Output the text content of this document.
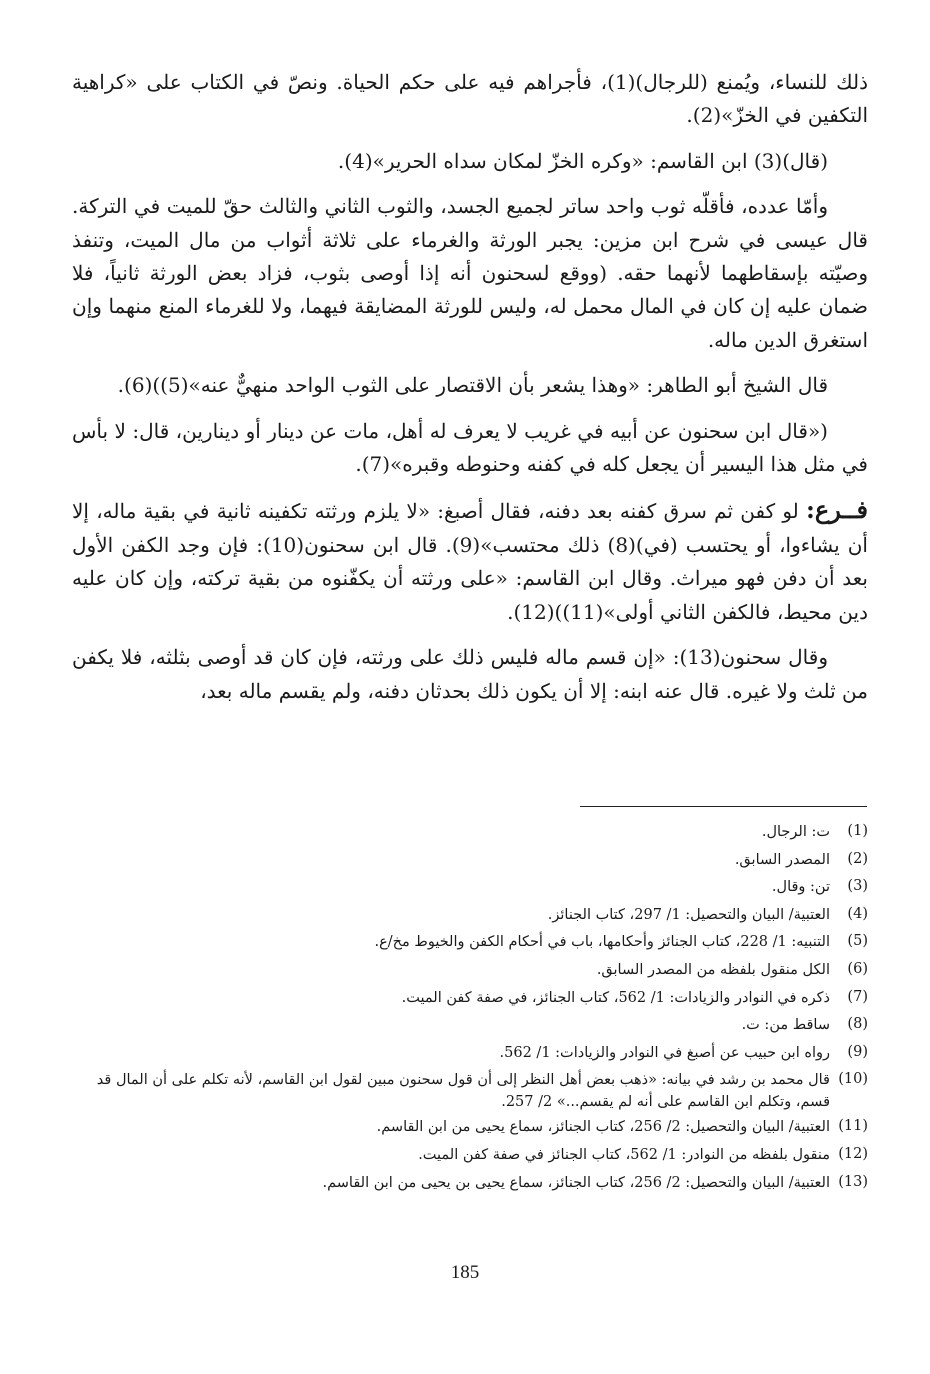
ذلك للنساء، ويُمنع (للرجال)(1)، فأجراهم فيه على حكم الحياة. ونصّ في الكتاب على «كراهية التكفين في الخزّ»(2).

(قال)(3) ابن القاسم: «وكره الخزّ لمكان سداه الحرير»(4).

وأمّا عدده، فأقلّه ثوب واحد ساتر لجميع الجسد، والثوب الثاني والثالث حقّ للميت في التركة. قال عيسى في شرح ابن مزين: يجبر الورثة والغرماء على ثلاثة أثواب من مال الميت، وتنفذ وصيّته بإسقاطهما لأنهما حقه. (ووقع لسحنون أنه إذا أوصى بثوب، فزاد بعض الورثة ثانياً، فلا ضمان عليه إن كان في المال محمل له، وليس للورثة المضايقة فيهما، ولا للغرماء المنع منهما وإن استغرق الدين ماله.

قال الشيخ أبو الطاهر: «وهذا يشعر بأن الاقتصار على الثوب الواحد منهيٌّ عنه»(5))(6).

(«قال ابن سحنون عن أبيه في غريب لا يعرف له أهل، مات عن دينار أو دينارين، قال: لا بأس في مثل هذا اليسير أن يجعل كله في كفنه وحنوطه وقبره»(7).

فــرع: لو كفن ثم سرق كفنه بعد دفنه، فقال أصبغ: «لا يلزم ورثته تكفينه ثانية في بقية ماله، إلا أن يشاءوا، أو يحتسب (في)(8) ذلك محتسب»(9). قال ابن سحنون(10): فإن وجد الكفن الأول بعد أن دفن فهو ميراث. وقال ابن القاسم: «على ورثته أن يكفّنوه من بقية تركته، وإن كان عليه دين محيط، فالكفن الثاني أولى»(11))(12).

وقال سحنون(13): «إن قسم ماله فليس ذلك على ورثته، فإن كان قد أوصى بثلثه، فلا يكفن من ثلث ولا غيره. قال عنه ابنه: إلا أن يكون ذلك بحدثان دفنه، ولم يقسم ماله بعد،

(1)
ت: الرجال.
(2)
المصدر السابق.
(3)
تن: وقال.
(4)
العتبية/ البيان والتحصيل: 1/ 297، كتاب الجنائز.
(5)
التنبيه: 1/ 228، كتاب الجنائز وأحكامها، باب في أحكام الكفن والخيوط مخ/ع.
(6)
الكل منقول بلفظه من المصدر السابق.
(7)
ذكره في النوادر والزيادات: 1/ 562، كتاب الجنائز، في صفة كفن الميت.
(8)
ساقط من: ت.
(9)
رواه ابن حبيب عن أصبغ في النوادر والزيادات: 1/ 562.
(10)
قال محمد بن رشد في بيانه: «ذهب بعض أهل النظر إلى أن قول سحنون مبين لقول ابن القاسم، لأنه تكلم على أن المال قد قسم، وتكلم ابن القاسم على أنه لم يقسم...» 2/ 257.
(11)
العتبية/ البيان والتحصيل: 2/ 256، كتاب الجنائز، سماع يحيى من ابن القاسم.
(12)
منقول بلفظه من النوادر: 1/ 562، كتاب الجنائز في صفة كفن الميت.
(13)
العتبية/ البيان والتحصيل: 2/ 256، كتاب الجنائز، سماع يحيى بن يحيى من ابن القاسم.
185
